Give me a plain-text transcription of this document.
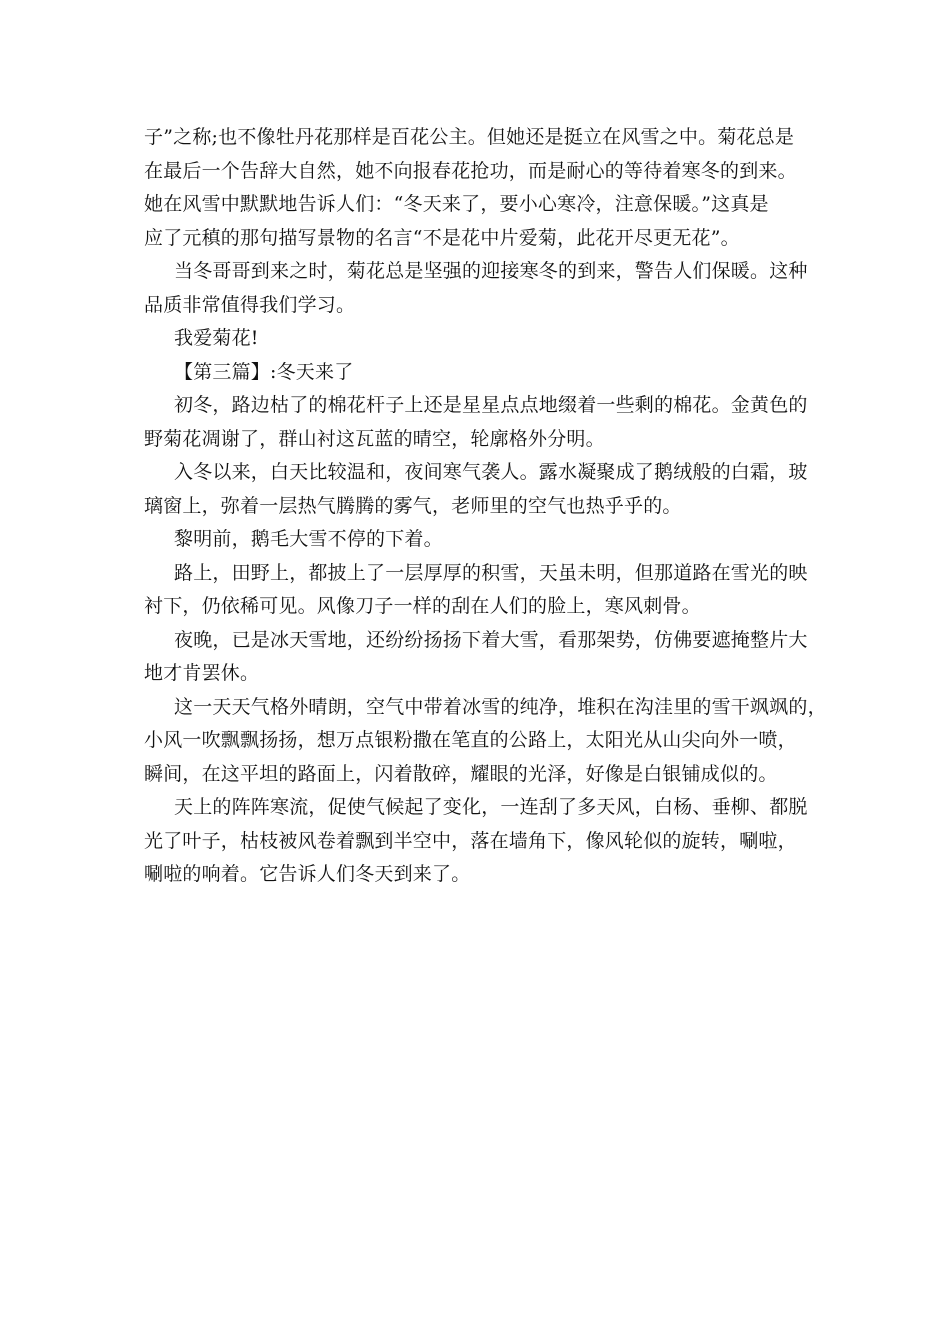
子”之称;也不像牡丹花那样是百花公主。但她还是挺立在风雪之中。菊花总是
在最后一个告辞大自然，她不向报春花抢功，而是耐心的等待着寒冬的到来。
她在风雪中默默地告诉人们：“冬天来了，要小心寒冷，注意保暖。”这真是
应了元稹的那句描写景物的名言“不是花中片爱菊，此花开尽更无花”。
当冬哥哥到来之时，菊花总是坚强的迎接寒冬的到来，警告人们保暖。这种
品质非常值得我们学习。
我爱菊花!
【第三篇】:冬天来了
初冬，路边枯了的棉花杆子上还是星星点点地缀着一些剩的棉花。金黄色的
野菊花凋谢了，群山衬这瓦蓝的晴空，轮廓格外分明。
入冬以来，白天比较温和，夜间寒气袭人。露水凝聚成了鹅绒般的白霜，玻
璃窗上，弥着一层热气腾腾的雾气，老师里的空气也热乎乎的。
黎明前，鹅毛大雪不停的下着。
路上，田野上，都披上了一层厚厚的积雪，天虽未明，但那道路在雪光的映
衬下，仍依稀可见。风像刀子一样的刮在人们的脸上，寒风刺骨。
夜晚，已是冰天雪地，还纷纷扬扬下着大雪，看那架势，仿佛要遮掩整片大
地才肯罢休。
这一天天气格外晴朗，空气中带着冰雪的纯净，堆积在沟洼里的雪干飒飒的，
小风一吹飘飘扬扬，想万点银粉撒在笔直的公路上，太阳光从山尖向外一喷，
瞬间，在这平坦的路面上，闪着散碎，耀眼的光泽，好像是白银铺成似的。
天上的阵阵寒流，促使气候起了变化，一连刮了多天风，白杨、垂柳、都脱
光了叶子，枯枝被风卷着飘到半空中，落在墙角下，像风轮似的旋转，唰啦，
唰啦的响着。它告诉人们冬天到来了。
